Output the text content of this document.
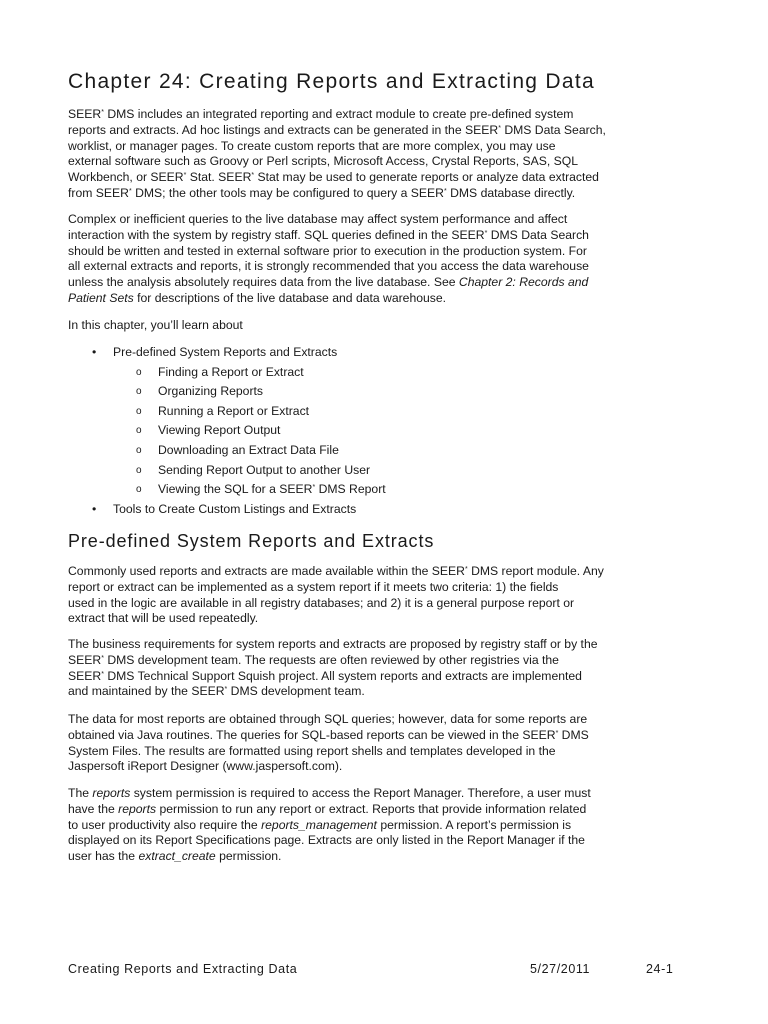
Chapter 24: Creating Reports and Extracting Data

SEER* DMS includes an integrated reporting and extract module to create pre-defined system
reports and extracts. Ad hoc listings and extracts can be generated in the SEER* DMS Data Search,
worklist, or manager pages. To create custom reports that are more complex, you may use
external software such as Groovy or Perl scripts, Microsoft Access, Crystal Reports, SAS, SQL
Workbench, or SEER* Stat. SEER* Stat may be used to generate reports or analyze data extracted
from SEER* DMS; the other tools may be configured to query a SEER* DMS database directly.

Complex or inefficient queries to the live database may affect system performance and affect
interaction with the system by registry staff. SQL queries defined in the SEER* DMS Data Search
should be written and tested in external software prior to execution in the production system. For
all external extracts and reports, it is strongly recommended that you access the data warehouse
unless the analysis absolutely requires data from the live database. See Chapter 2: Records and
Patient Sets for descriptions of the live database and data warehouse.

In this chapter, you’ll learn about

• Pre-defined System Reports and Extracts
o Finding a Report or Extract
o Organizing Reports
o Running a Report or Extract
o Viewing Report Output
o Downloading an Extract Data File
o Sending Report Output to another User
o Viewing the SQL for a SEER* DMS Report
• Tools to Create Custom Listings and Extracts
Pre-defined System Reports and Extracts

Commonly used reports and extracts are made available within the SEER* DMS report module. Any
report or extract can be implemented as a system report if it meets two criteria: 1) the fields
used in the logic are available in all registry databases; and 2) it is a general purpose report or
extract that will be used repeatedly.

The business requirements for system reports and extracts are proposed by registry staff or by the
SEER* DMS development team. The requests are often reviewed by other registries via the
SEER* DMS Technical Support Squish project. All system reports and extracts are implemented
and maintained by the SEER* DMS development team.

The data for most reports are obtained through SQL queries; however, data for some reports are
obtained via Java routines. The queries for SQL-based reports can be viewed in the SEER* DMS
System Files. The results are formatted using report shells and templates developed in the
Jaspersoft iReport Designer (www.jaspersoft.com).

The reports system permission is required to access the Report Manager. Therefore, a user must
have the reports permission to run any report or extract. Reports that provide information related
to user productivity also require the reports_management permission. A report’s permission is
displayed on its Report Specifications page. Extracts are only listed in the Report Manager if the
user has the extract_create permission.

Creating Reports and Extracting Data	5/27/2011	24-1
